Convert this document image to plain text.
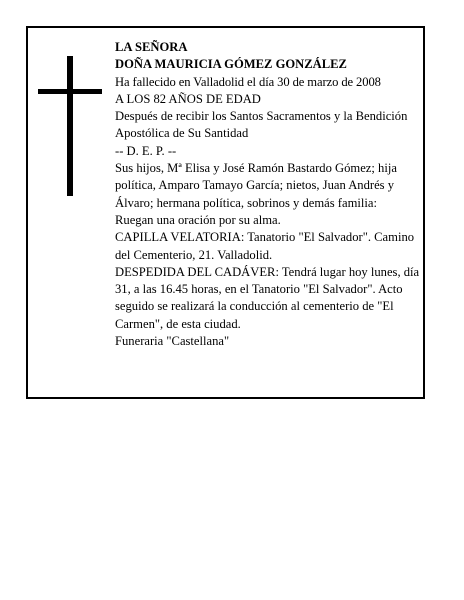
LA SEÑORA

DOÑA MAURICIA GÓMEZ GONZÁLEZ

Ha fallecido en Valladolid el día 30 de marzo de 2008

A LOS 82 AÑOS DE EDAD

Después de recibir los Santos Sacramentos y la Bendición Apostólica de Su Santidad

-- D. E. P. --

Sus hijos, Mª Elisa y José Ramón Bastardo Gómez; hija política, Amparo Tamayo García; nietos, Juan Andrés y Álvaro; hermana política, sobrinos y demás familia:

Ruegan una oración por su alma.

CAPILLA VELATORIA: Tanatorio "El Salvador". Camino del Cementerio, 21. Valladolid.

DESPEDIDA DEL CADÁVER: Tendrá lugar hoy lunes, día 31, a las 16.45 horas, en el Tanatorio "El Salvador". Acto seguido se realizará la conducción al cementerio de "El Carmen", de esta ciudad.

Funeraria "Castellana"
